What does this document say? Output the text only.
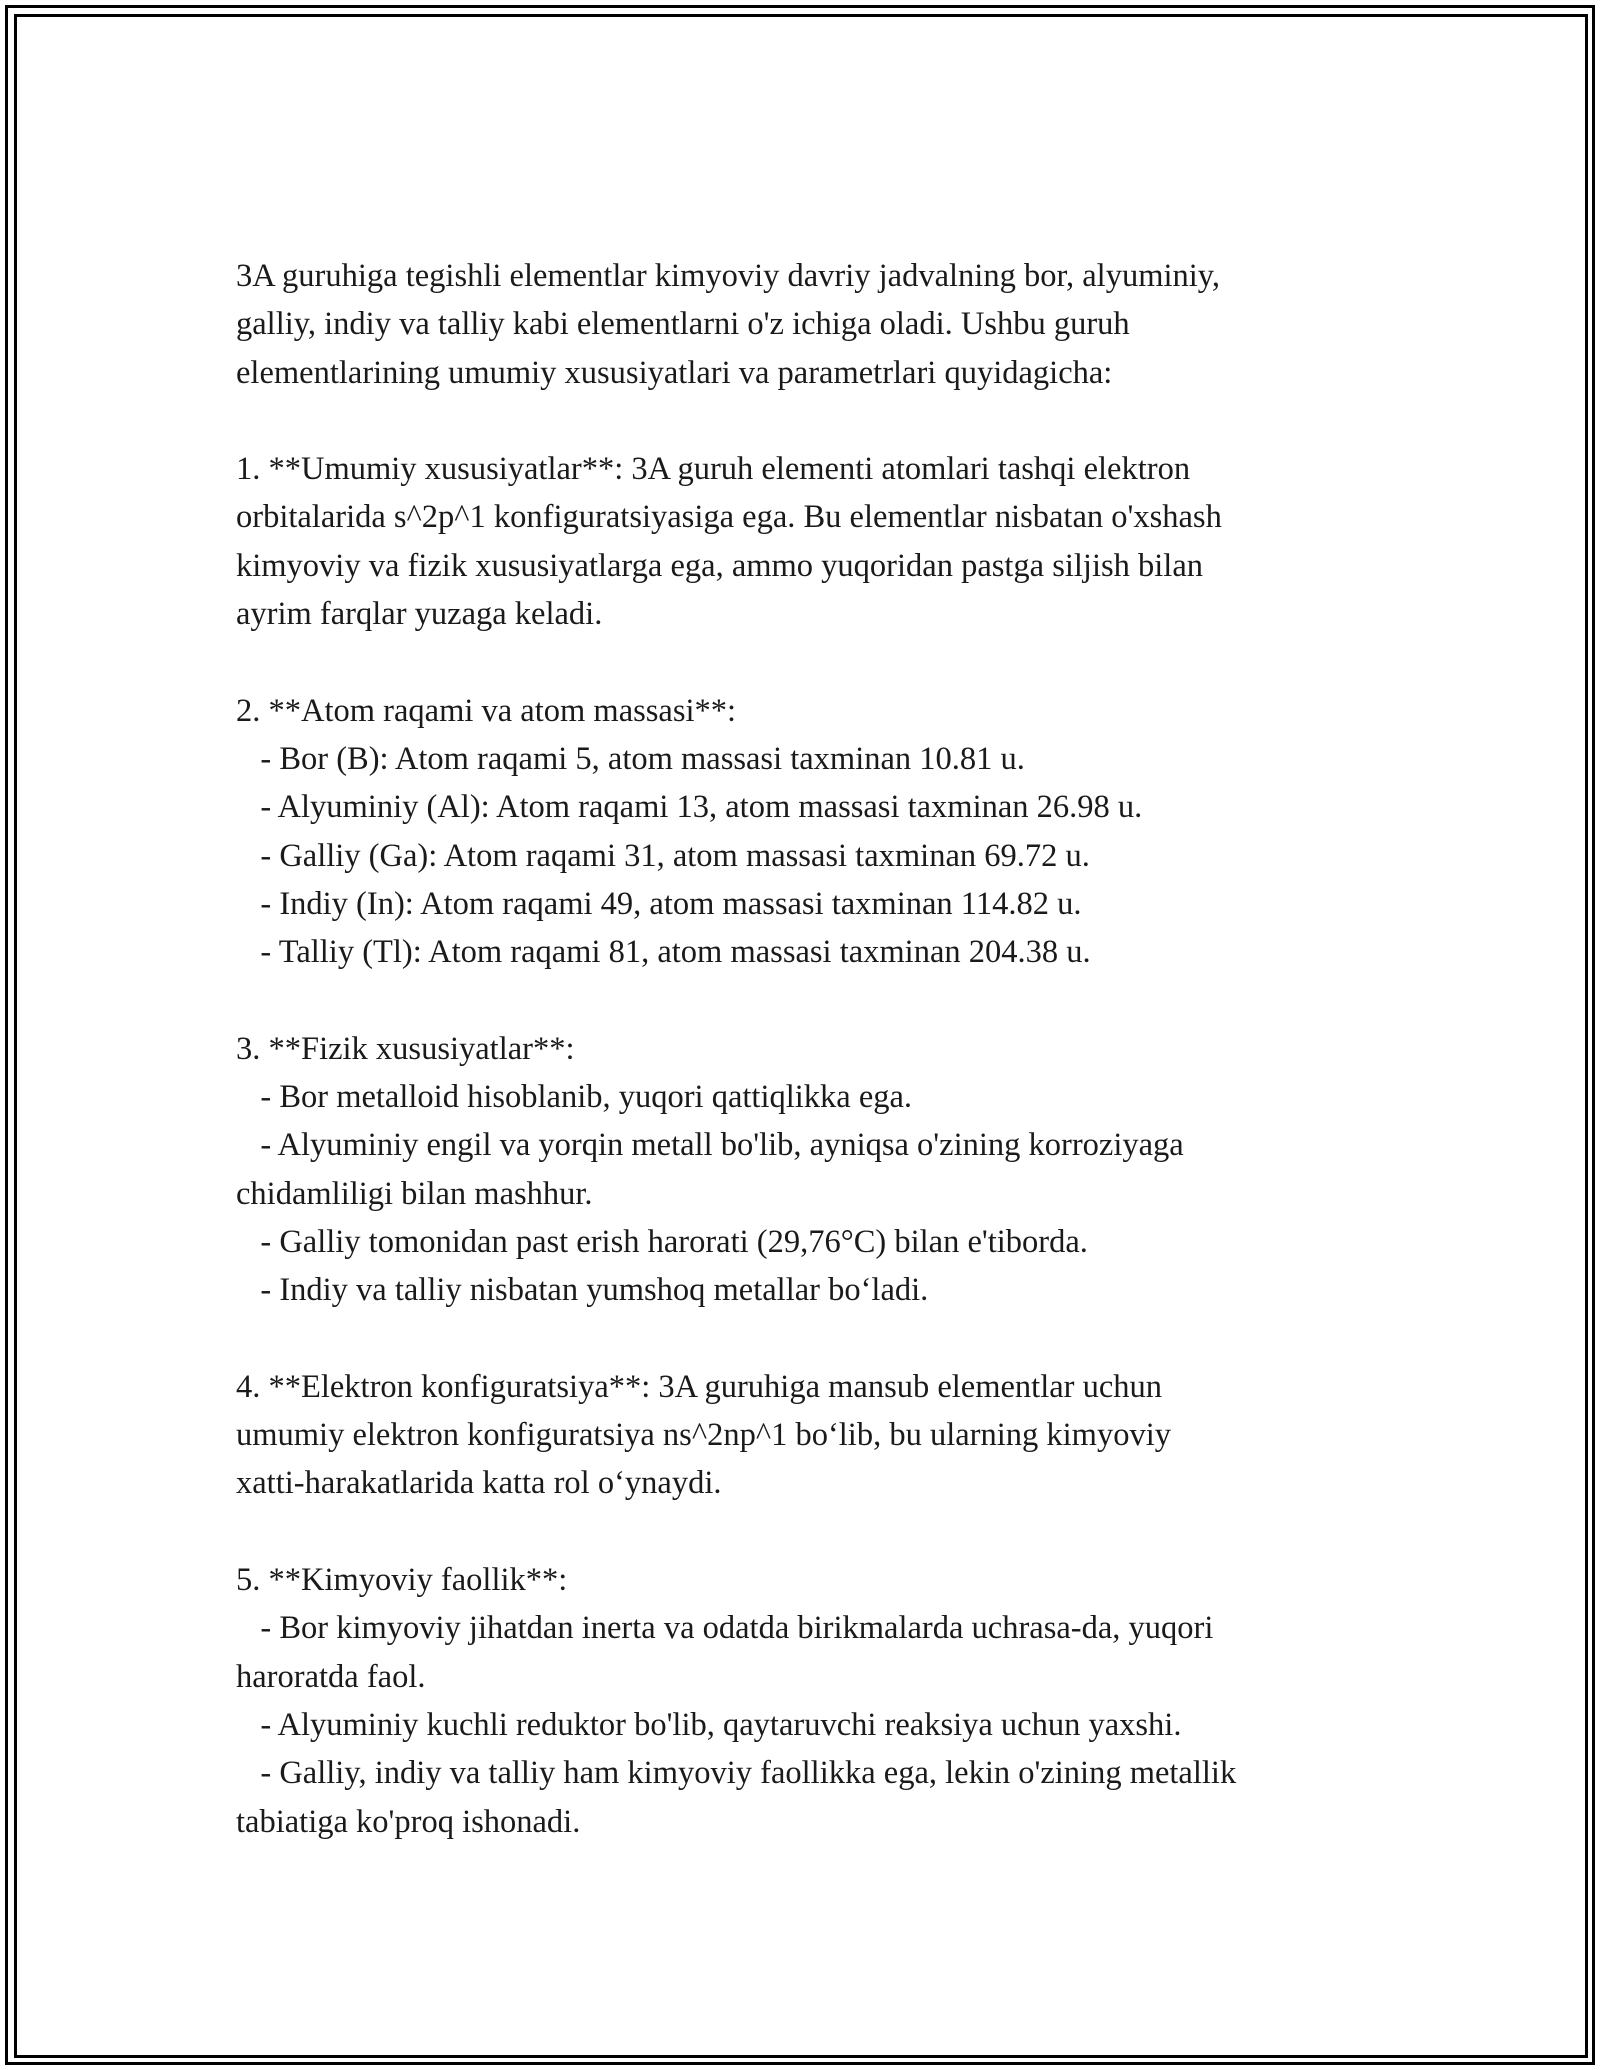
3A guruhiga tegishli elementlar kimyoviy davriy jadvalning bor, alyuminiy,
galliy, indiy va talliy kabi elementlarni o'z ichiga oladi. Ushbu guruh
elementlarining umumiy xususiyatlari va parametrlari quyidagicha:
1. **Umumiy xususiyatlar**: 3A guruh elementi atomlari tashqi elektron
orbitalarida s^2p^1 konfiguratsiyasiga ega. Bu elementlar nisbatan o'xshash
kimyoviy va fizik xususiyatlarga ega, ammo yuqoridan pastga siljish bilan
ayrim farqlar yuzaga keladi.
2. **Atom raqami va atom massasi**:
- Bor (B): Atom raqami 5, atom massasi taxminan 10.81 u.
- Alyuminiy (Al): Atom raqami 13, atom massasi taxminan 26.98 u.
- Galliy (Ga): Atom raqami 31, atom massasi taxminan 69.72 u.
- Indiy (In): Atom raqami 49, atom massasi taxminan 114.82 u.
- Talliy (Tl): Atom raqami 81, atom massasi taxminan 204.38 u.
3. **Fizik xususiyatlar**:
- Bor metalloid hisoblanib, yuqori qattiqlikka ega.
- Alyuminiy engil va yorqin metall bo'lib, ayniqsa o'zining korroziyaga
chidamliligi bilan mashhur.
- Galliy tomonidan past erish harorati (29,76°C) bilan e'tiborda.
- Indiy va talliy nisbatan yumshoq metallar bo‘ladi.
4. **Elektron konfiguratsiya**: 3A guruhiga mansub elementlar uchun
umumiy elektron konfiguratsiya ns^2np^1 bo‘lib, bu ularning kimyoviy
xatti-harakatlarida katta rol o‘ynaydi.
5. **Kimyoviy faollik**:
- Bor kimyoviy jihatdan inerta va odatda birikmalarda uchrasa-da, yuqori
haroratda faol.
- Alyuminiy kuchli reduktor bo'lib, qaytaruvchi reaksiya uchun yaxshi.
- Galliy, indiy va talliy ham kimyoviy faollikka ega, lekin o'zining metallik
tabiatiga ko'proq ishonadi.
